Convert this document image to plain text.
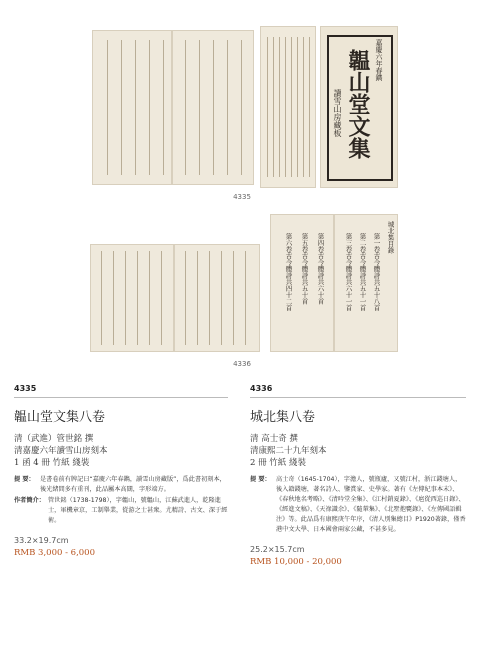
嘉慶六年春鐫
韞山堂文集
讀雪山房藏板
4335
第四卷古今體詩共六十首
第五卷古今體詩共五十首
第六卷古今體詩共四十二首	城北集目錄
第一卷古今體詩共五十八首
第二卷古今體詩共五十一首
第三卷古今體詩共六十一首
4336
4335
韞山堂文集八卷
清（武進）管世銘 撰
清嘉慶六年讀雪山房刻本
1 函 4 冊 竹紙 綫裝
提 要： 是書卷前有牌記曰“嘉慶六年春鐫，讀雪山房藏版”，爲此書初刻本，後光緒間多有重刊，此品屬本高闊，字形端方。
作者簡介： 管世銘（1738-1798），字韞山，號韞山，江蘇武進人，乾隆進士，軍機章京，工制舉業，從游之士甚衆。尤精詩、古文、深于經術。
33.2×19.7cm
RMB 3,000 - 6,000
4336
城北集八卷
清 高士奇 撰
清康熙二十九年刻本
2 冊 竹紙 綫裝
提 要： 高士奇（1645-1704），字澹人，號瓶廬，又號江村，浙江錢塘人，後入籍錢塘，著名詩人、鑒賞家、史學家。著有《左傳紀事本末》、《春秋地名考略》、《清吟堂全集》、《江村銷夏錄》、《扈從西巡日錄》、《經進文稿》、《天祿識余》、《隨輦集》、《北墅抱甕錄》、《左傳國語輯注》等。此品爲有康熙庚午年序，《清人別集總目》P1920著錄，僅香港中文大學、日本國會兩家公藏，不甚多見。
25.2×15.7cm
RMB 10,000 - 20,000
